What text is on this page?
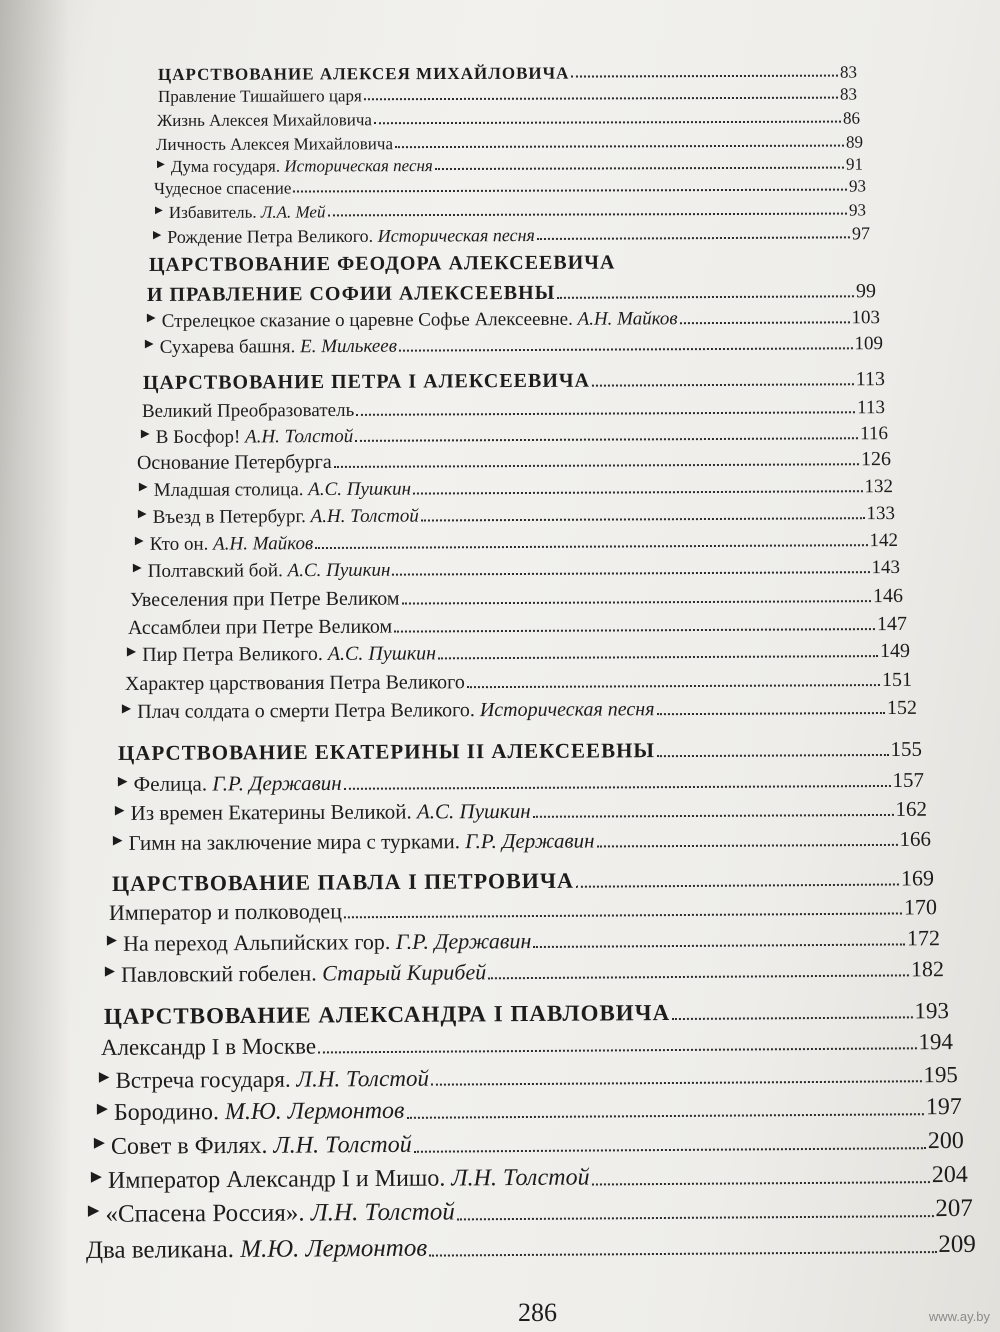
ЦАРСТВОВАНИЕ АЛЕКСЕЯ МИХАЙЛОВИЧА	83
Правление Тишайшего царя	83
Жизнь Алексея Михайловича	86
Личность Алексея Михайловича	89
▶ Дума государя. Историческая песня	91
Чудесное спасение	93
▶ Избавитель. Л.А. Мей	93
▶ Рождение Петра Великого. Историческая песня	97
ЦАРСТВОВАНИЕ ФЕОДОРА АЛЕКСЕЕВИЧА
И ПРАВЛЕНИЕ СОФИИ АЛЕКСЕЕВНЫ	99
▶ Стрелецкое сказание о царевне Софье Алексеевне. А.Н. Майков	103
▶ Сухарева башня. Е. Милькеев	109
ЦАРСТВОВАНИЕ ПЕТРА I АЛЕКСЕЕВИЧА	113
Великий Преобразователь	113
▶ В Босфор! А.Н. Толстой	116
Основание Петербурга	126
▶ Младшая столица. А.С. Пушкин	132
▶ Въезд в Петербург. А.Н. Толстой	133
▶ Кто он. А.Н. Майков	142
▶ Полтавский бой. А.С. Пушкин	143
Увеселения при Петре Великом	146
Ассамблеи при Петре Великом	147
▶ Пир Петра Великого. А.С. Пушкин	149
Характер царствования Петра Великого	151
▶ Плач солдата о смерти Петра Великого. Историческая песня	152
ЦАРСТВОВАНИЕ ЕКАТЕРИНЫ II АЛЕКСЕЕВНЫ	155
▶ Фелица. Г.Р. Державин	157
▶ Из времен Екатерины Великой. А.С. Пушкин	162
▶ Гимн на заключение мира с турками. Г.Р. Державин	166
ЦАРСТВОВАНИЕ ПАВЛА I ПЕТРОВИЧА	169
Император и полководец	170
▶ На переход Альпийских гор. Г.Р. Державин	172
▶ Павловский гобелен. Старый Кирибей	182
ЦАРСТВОВАНИЕ АЛЕКСАНДРА I ПАВЛОВИЧА	193
Александр I в Москве	194
▶ Встреча государя. Л.Н. Толстой	195
▶ Бородино. М.Ю. Лермонтов	197
▶ Совет в Филях. Л.Н. Толстой	200
▶ Император Александр I и Мишо. Л.Н. Толстой	204
▶ «Спасена Россия». Л.Н. Толстой	207
Два великана. М.Ю. Лермонтов	209
286	www.ay.by
